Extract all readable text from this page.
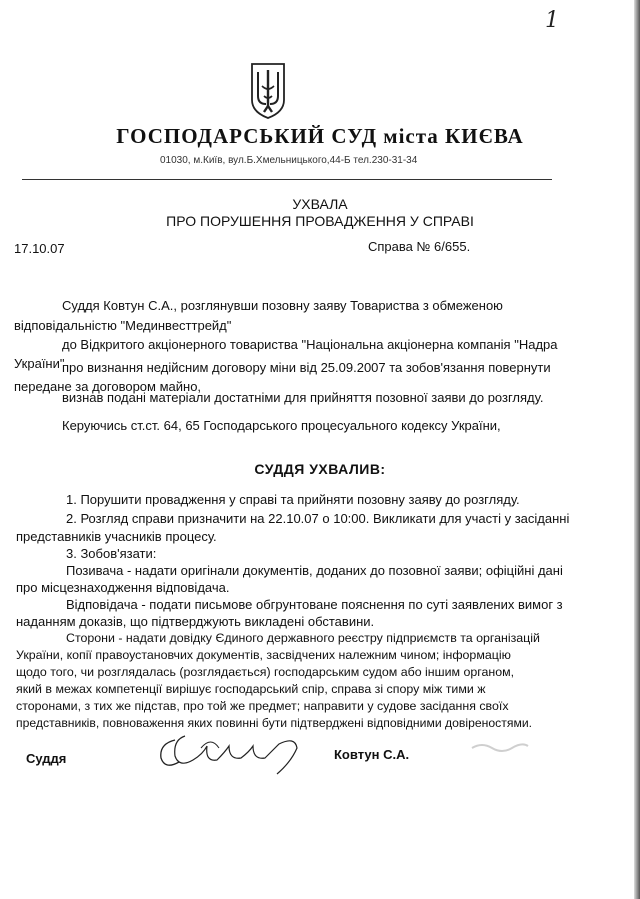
1
ГОСПОДАРСЬКИЙ СУД міста КИЄВА
01030, м.Київ, вул.Б.Хмельницького,44-Б тел.230-31-34
УХВАЛА
ПРО ПОРУШЕННЯ ПРОВАДЖЕННЯ У СПРАВІ
17.10.07	Справа № 6/655.
Суддя Ковтун С.А., розглянувши позовну заяву Товариства з обмеженою
відповідальністю "Мединвесттрейд"
до Відкритого акціонерного товариства "Національна акціонерна компанія "Надра
України"
про визнання недійсним договору міни від 25.09.2007 та зобов'язання повернути
передане за договором майно,
визнав подані матеріали достатніми для прийняття позовної заяви до розгляду.
Керуючись ст.ст. 64, 65 Господарського процесуального кодексу України,
СУДДЯ УХВАЛИВ:
1. Порушити провадження у справі та прийняти позовну заяву до розгляду.
2. Розгляд справи призначити на 22.10.07 о 10:00. Викликати для участі у засіданні
представників учасників процесу.
3. Зобов'язати:
Позивача - надати оригінали документів, доданих до позовної заяви; офіційні дані
про місцезнаходження відповідача.
Відповідача - подати письмове обгрунтоване пояснення по суті заявлених вимог з
наданням доказів, що підтверджують викладені обставини.
Сторони - надати довідку Єдиного державного реєстру підприємств та організацій
України, копії правоустановчих документів, засвідчених належним чином; інформацію
щодо того, чи розглядалась (розглядається) господарським судом або іншим органом,
який в межах компетенції вирішує господарський спір, справа зі спору між тими ж
сторонами, з тих же підстав, про той же предмет; направити у судове засідання своїх
представників, повноваження яких повинні бути підтверджені відповідними довіреностями.
Суддя	Ковтун С.А.
